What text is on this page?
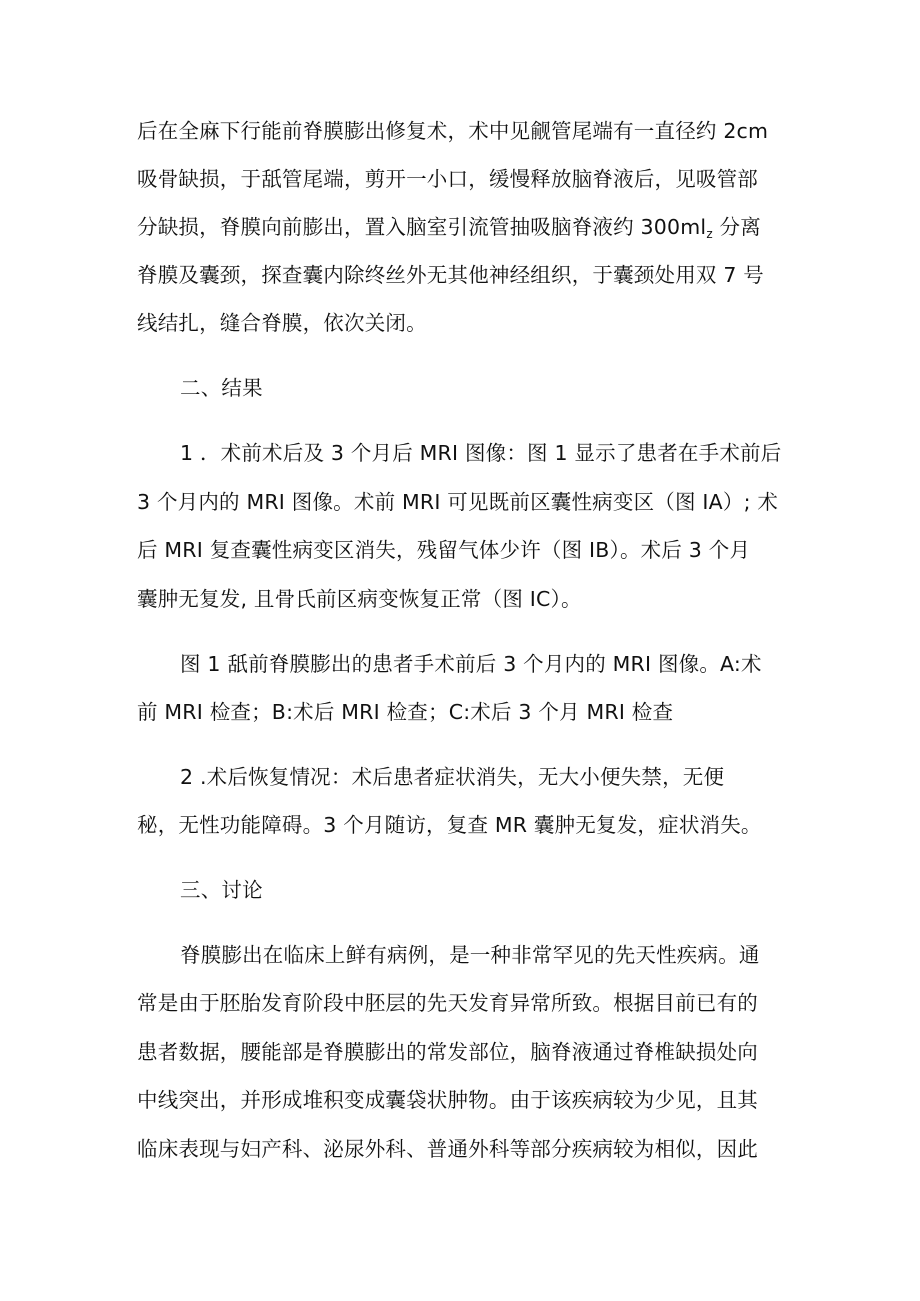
后在全麻下行能前脊膜膨出修复术，术中见觎管尾端有一直径约 2cm
吸骨缺损，于舐管尾端，剪开一小口，缓慢释放脑脊液后，见吸管部
分缺损，脊膜向前膨出，置入脑室引流管抽吸脑脊液约 $300ml_z$ 分离
脊膜及囊颈，探查囊内除终丝外无其他神经组织，于囊颈处用双 7 号
线结扎，缝合脊膜，依次关闭。
二、结果
1 ．术前术后及 3 个月后 MRI 图像：图 1 显示了患者在手术前后
3 个月内的 MRI 图像。术前 MRI 可见既前区囊性病变区（图 IA）; 术
后 MRI 复查囊性病变区消失，残留气体少许（图 IB）。术后 3 个月
囊肿无复发, 且骨氏前区病变恢复正常（图 IC）。
图 1 舐前脊膜膨出的患者手术前后 3 个月内的 MRI 图像。A:术
前 MRI 检查；B:术后 MRI 检查；C:术后 3 个月 MRI 检查
2 .术后恢复情况：术后患者症状消失，无大小便失禁，无便
秘，无性功能障碍。3 个月随访，复查 MR 囊肿无复发，症状消失。
三、讨论
脊膜膨出在临床上鲜有病例，是一种非常罕见的先天性疾病。通
常是由于胚胎发育阶段中胚层的先天发育异常所致。根据目前已有的
患者数据，腰能部是脊膜膨出的常发部位，脑脊液通过脊椎缺损处向
中线突出，并形成堆积变成囊袋状肿物。由于该疾病较为少见，且其
临床表现与妇产科、泌尿外科、普通外科等部分疾病较为相似，因此
